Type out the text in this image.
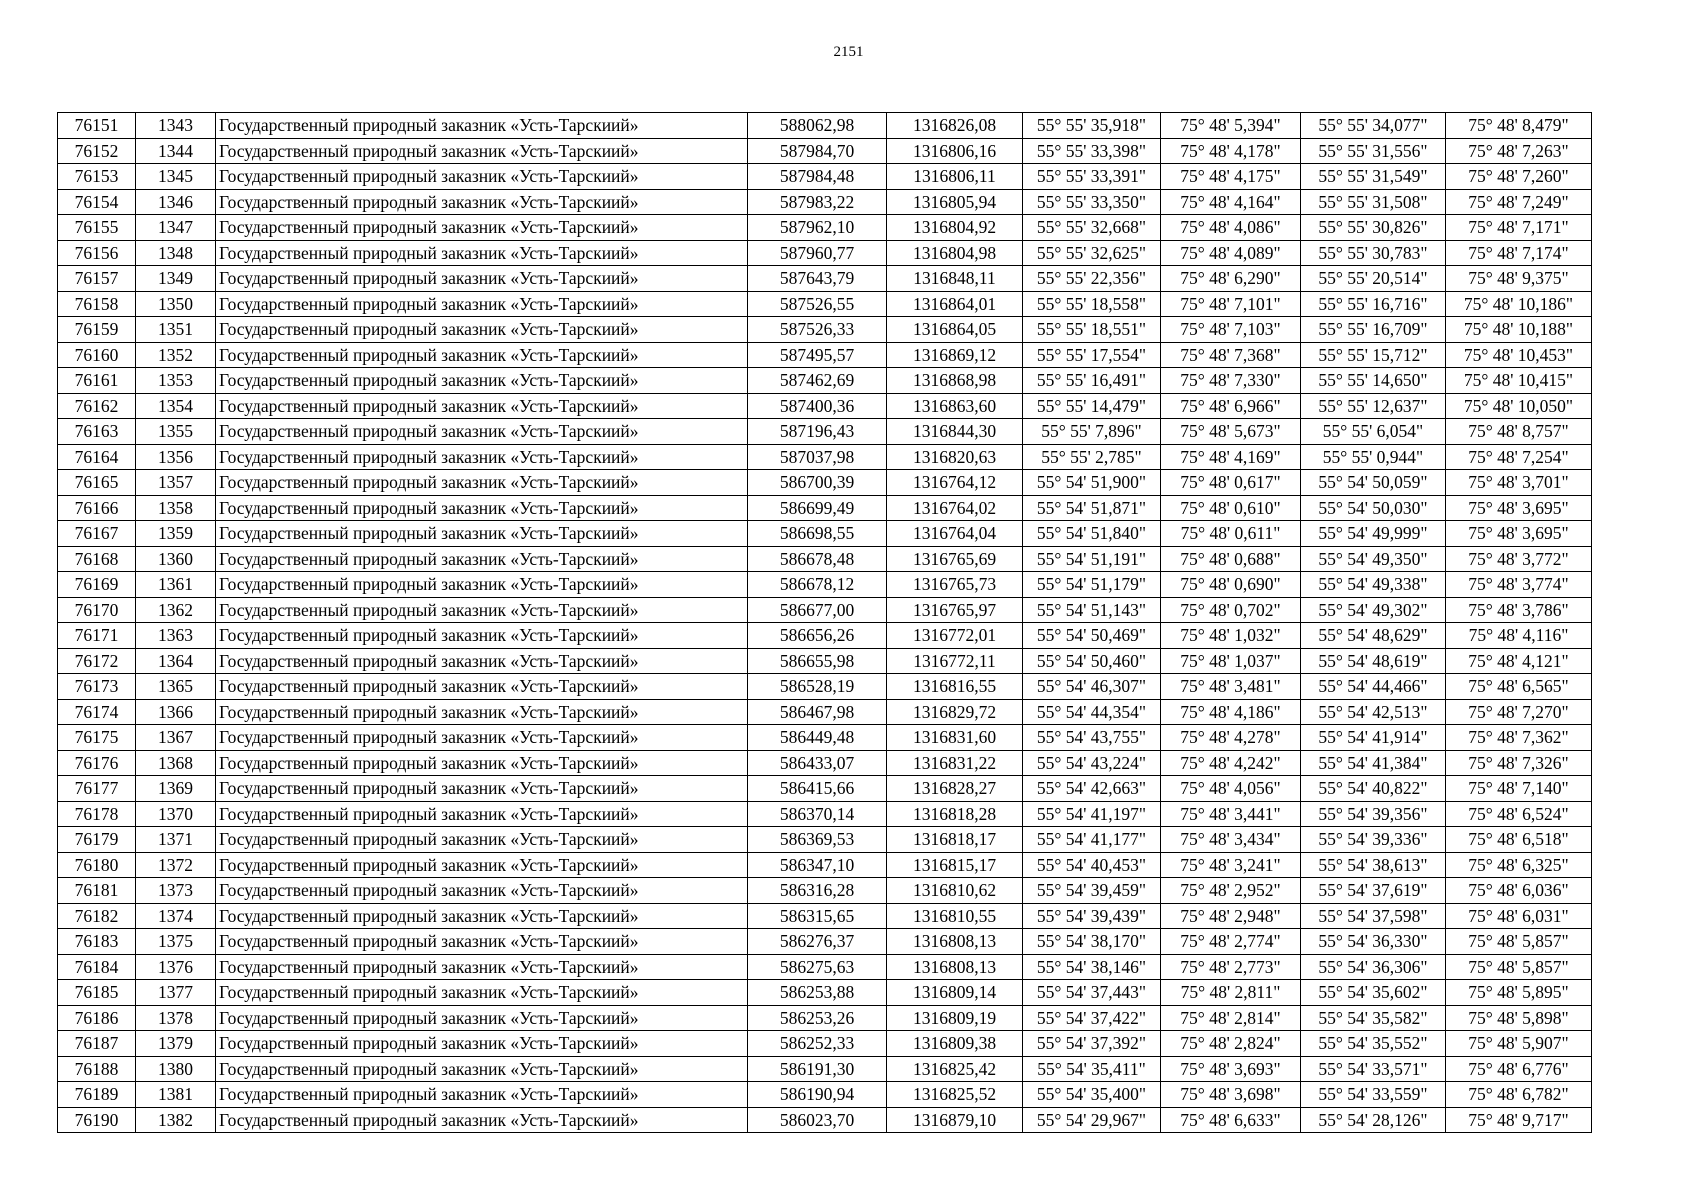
2151
76151	1343	Государственный природный заказник «Усть-Тарскиий»	588062,98	1316826,08	55° 55' 35,918"	75° 48' 5,394"	55° 55' 34,077"	75° 48' 8,479"
76152	1344	Государственный природный заказник «Усть-Тарскиий»	587984,70	1316806,16	55° 55' 33,398"	75° 48' 4,178"	55° 55' 31,556"	75° 48' 7,263"
76153	1345	Государственный природный заказник «Усть-Тарскиий»	587984,48	1316806,11	55° 55' 33,391"	75° 48' 4,175"	55° 55' 31,549"	75° 48' 7,260"
76154	1346	Государственный природный заказник «Усть-Тарскиий»	587983,22	1316805,94	55° 55' 33,350"	75° 48' 4,164"	55° 55' 31,508"	75° 48' 7,249"
76155	1347	Государственный природный заказник «Усть-Тарскиий»	587962,10	1316804,92	55° 55' 32,668"	75° 48' 4,086"	55° 55' 30,826"	75° 48' 7,171"
76156	1348	Государственный природный заказник «Усть-Тарскиий»	587960,77	1316804,98	55° 55' 32,625"	75° 48' 4,089"	55° 55' 30,783"	75° 48' 7,174"
76157	1349	Государственный природный заказник «Усть-Тарскиий»	587643,79	1316848,11	55° 55' 22,356"	75° 48' 6,290"	55° 55' 20,514"	75° 48' 9,375"
76158	1350	Государственный природный заказник «Усть-Тарскиий»	587526,55	1316864,01	55° 55' 18,558"	75° 48' 7,101"	55° 55' 16,716"	75° 48' 10,186"
76159	1351	Государственный природный заказник «Усть-Тарскиий»	587526,33	1316864,05	55° 55' 18,551"	75° 48' 7,103"	55° 55' 16,709"	75° 48' 10,188"
76160	1352	Государственный природный заказник «Усть-Тарскиий»	587495,57	1316869,12	55° 55' 17,554"	75° 48' 7,368"	55° 55' 15,712"	75° 48' 10,453"
76161	1353	Государственный природный заказник «Усть-Тарскиий»	587462,69	1316868,98	55° 55' 16,491"	75° 48' 7,330"	55° 55' 14,650"	75° 48' 10,415"
76162	1354	Государственный природный заказник «Усть-Тарскиий»	587400,36	1316863,60	55° 55' 14,479"	75° 48' 6,966"	55° 55' 12,637"	75° 48' 10,050"
76163	1355	Государственный природный заказник «Усть-Тарскиий»	587196,43	1316844,30	55° 55' 7,896"	75° 48' 5,673"	55° 55' 6,054"	75° 48' 8,757"
76164	1356	Государственный природный заказник «Усть-Тарскиий»	587037,98	1316820,63	55° 55' 2,785"	75° 48' 4,169"	55° 55' 0,944"	75° 48' 7,254"
76165	1357	Государственный природный заказник «Усть-Тарскиий»	586700,39	1316764,12	55° 54' 51,900"	75° 48' 0,617"	55° 54' 50,059"	75° 48' 3,701"
76166	1358	Государственный природный заказник «Усть-Тарскиий»	586699,49	1316764,02	55° 54' 51,871"	75° 48' 0,610"	55° 54' 50,030"	75° 48' 3,695"
76167	1359	Государственный природный заказник «Усть-Тарскиий»	586698,55	1316764,04	55° 54' 51,840"	75° 48' 0,611"	55° 54' 49,999"	75° 48' 3,695"
76168	1360	Государственный природный заказник «Усть-Тарскиий»	586678,48	1316765,69	55° 54' 51,191"	75° 48' 0,688"	55° 54' 49,350"	75° 48' 3,772"
76169	1361	Государственный природный заказник «Усть-Тарскиий»	586678,12	1316765,73	55° 54' 51,179"	75° 48' 0,690"	55° 54' 49,338"	75° 48' 3,774"
76170	1362	Государственный природный заказник «Усть-Тарскиий»	586677,00	1316765,97	55° 54' 51,143"	75° 48' 0,702"	55° 54' 49,302"	75° 48' 3,786"
76171	1363	Государственный природный заказник «Усть-Тарскиий»	586656,26	1316772,01	55° 54' 50,469"	75° 48' 1,032"	55° 54' 48,629"	75° 48' 4,116"
76172	1364	Государственный природный заказник «Усть-Тарскиий»	586655,98	1316772,11	55° 54' 50,460"	75° 48' 1,037"	55° 54' 48,619"	75° 48' 4,121"
76173	1365	Государственный природный заказник «Усть-Тарскиий»	586528,19	1316816,55	55° 54' 46,307"	75° 48' 3,481"	55° 54' 44,466"	75° 48' 6,565"
76174	1366	Государственный природный заказник «Усть-Тарскиий»	586467,98	1316829,72	55° 54' 44,354"	75° 48' 4,186"	55° 54' 42,513"	75° 48' 7,270"
76175	1367	Государственный природный заказник «Усть-Тарскиий»	586449,48	1316831,60	55° 54' 43,755"	75° 48' 4,278"	55° 54' 41,914"	75° 48' 7,362"
76176	1368	Государственный природный заказник «Усть-Тарскиий»	586433,07	1316831,22	55° 54' 43,224"	75° 48' 4,242"	55° 54' 41,384"	75° 48' 7,326"
76177	1369	Государственный природный заказник «Усть-Тарскиий»	586415,66	1316828,27	55° 54' 42,663"	75° 48' 4,056"	55° 54' 40,822"	75° 48' 7,140"
76178	1370	Государственный природный заказник «Усть-Тарскиий»	586370,14	1316818,28	55° 54' 41,197"	75° 48' 3,441"	55° 54' 39,356"	75° 48' 6,524"
76179	1371	Государственный природный заказник «Усть-Тарскиий»	586369,53	1316818,17	55° 54' 41,177"	75° 48' 3,434"	55° 54' 39,336"	75° 48' 6,518"
76180	1372	Государственный природный заказник «Усть-Тарскиий»	586347,10	1316815,17	55° 54' 40,453"	75° 48' 3,241"	55° 54' 38,613"	75° 48' 6,325"
76181	1373	Государственный природный заказник «Усть-Тарскиий»	586316,28	1316810,62	55° 54' 39,459"	75° 48' 2,952"	55° 54' 37,619"	75° 48' 6,036"
76182	1374	Государственный природный заказник «Усть-Тарскиий»	586315,65	1316810,55	55° 54' 39,439"	75° 48' 2,948"	55° 54' 37,598"	75° 48' 6,031"
76183	1375	Государственный природный заказник «Усть-Тарскиий»	586276,37	1316808,13	55° 54' 38,170"	75° 48' 2,774"	55° 54' 36,330"	75° 48' 5,857"
76184	1376	Государственный природный заказник «Усть-Тарскиий»	586275,63	1316808,13	55° 54' 38,146"	75° 48' 2,773"	55° 54' 36,306"	75° 48' 5,857"
76185	1377	Государственный природный заказник «Усть-Тарскиий»	586253,88	1316809,14	55° 54' 37,443"	75° 48' 2,811"	55° 54' 35,602"	75° 48' 5,895"
76186	1378	Государственный природный заказник «Усть-Тарскиий»	586253,26	1316809,19	55° 54' 37,422"	75° 48' 2,814"	55° 54' 35,582"	75° 48' 5,898"
76187	1379	Государственный природный заказник «Усть-Тарскиий»	586252,33	1316809,38	55° 54' 37,392"	75° 48' 2,824"	55° 54' 35,552"	75° 48' 5,907"
76188	1380	Государственный природный заказник «Усть-Тарскиий»	586191,30	1316825,42	55° 54' 35,411"	75° 48' 3,693"	55° 54' 33,571"	75° 48' 6,776"
76189	1381	Государственный природный заказник «Усть-Тарскиий»	586190,94	1316825,52	55° 54' 35,400"	75° 48' 3,698"	55° 54' 33,559"	75° 48' 6,782"
76190	1382	Государственный природный заказник «Усть-Тарскиий»	586023,70	1316879,10	55° 54' 29,967"	75° 48' 6,633"	55° 54' 28,126"	75° 48' 9,717"
